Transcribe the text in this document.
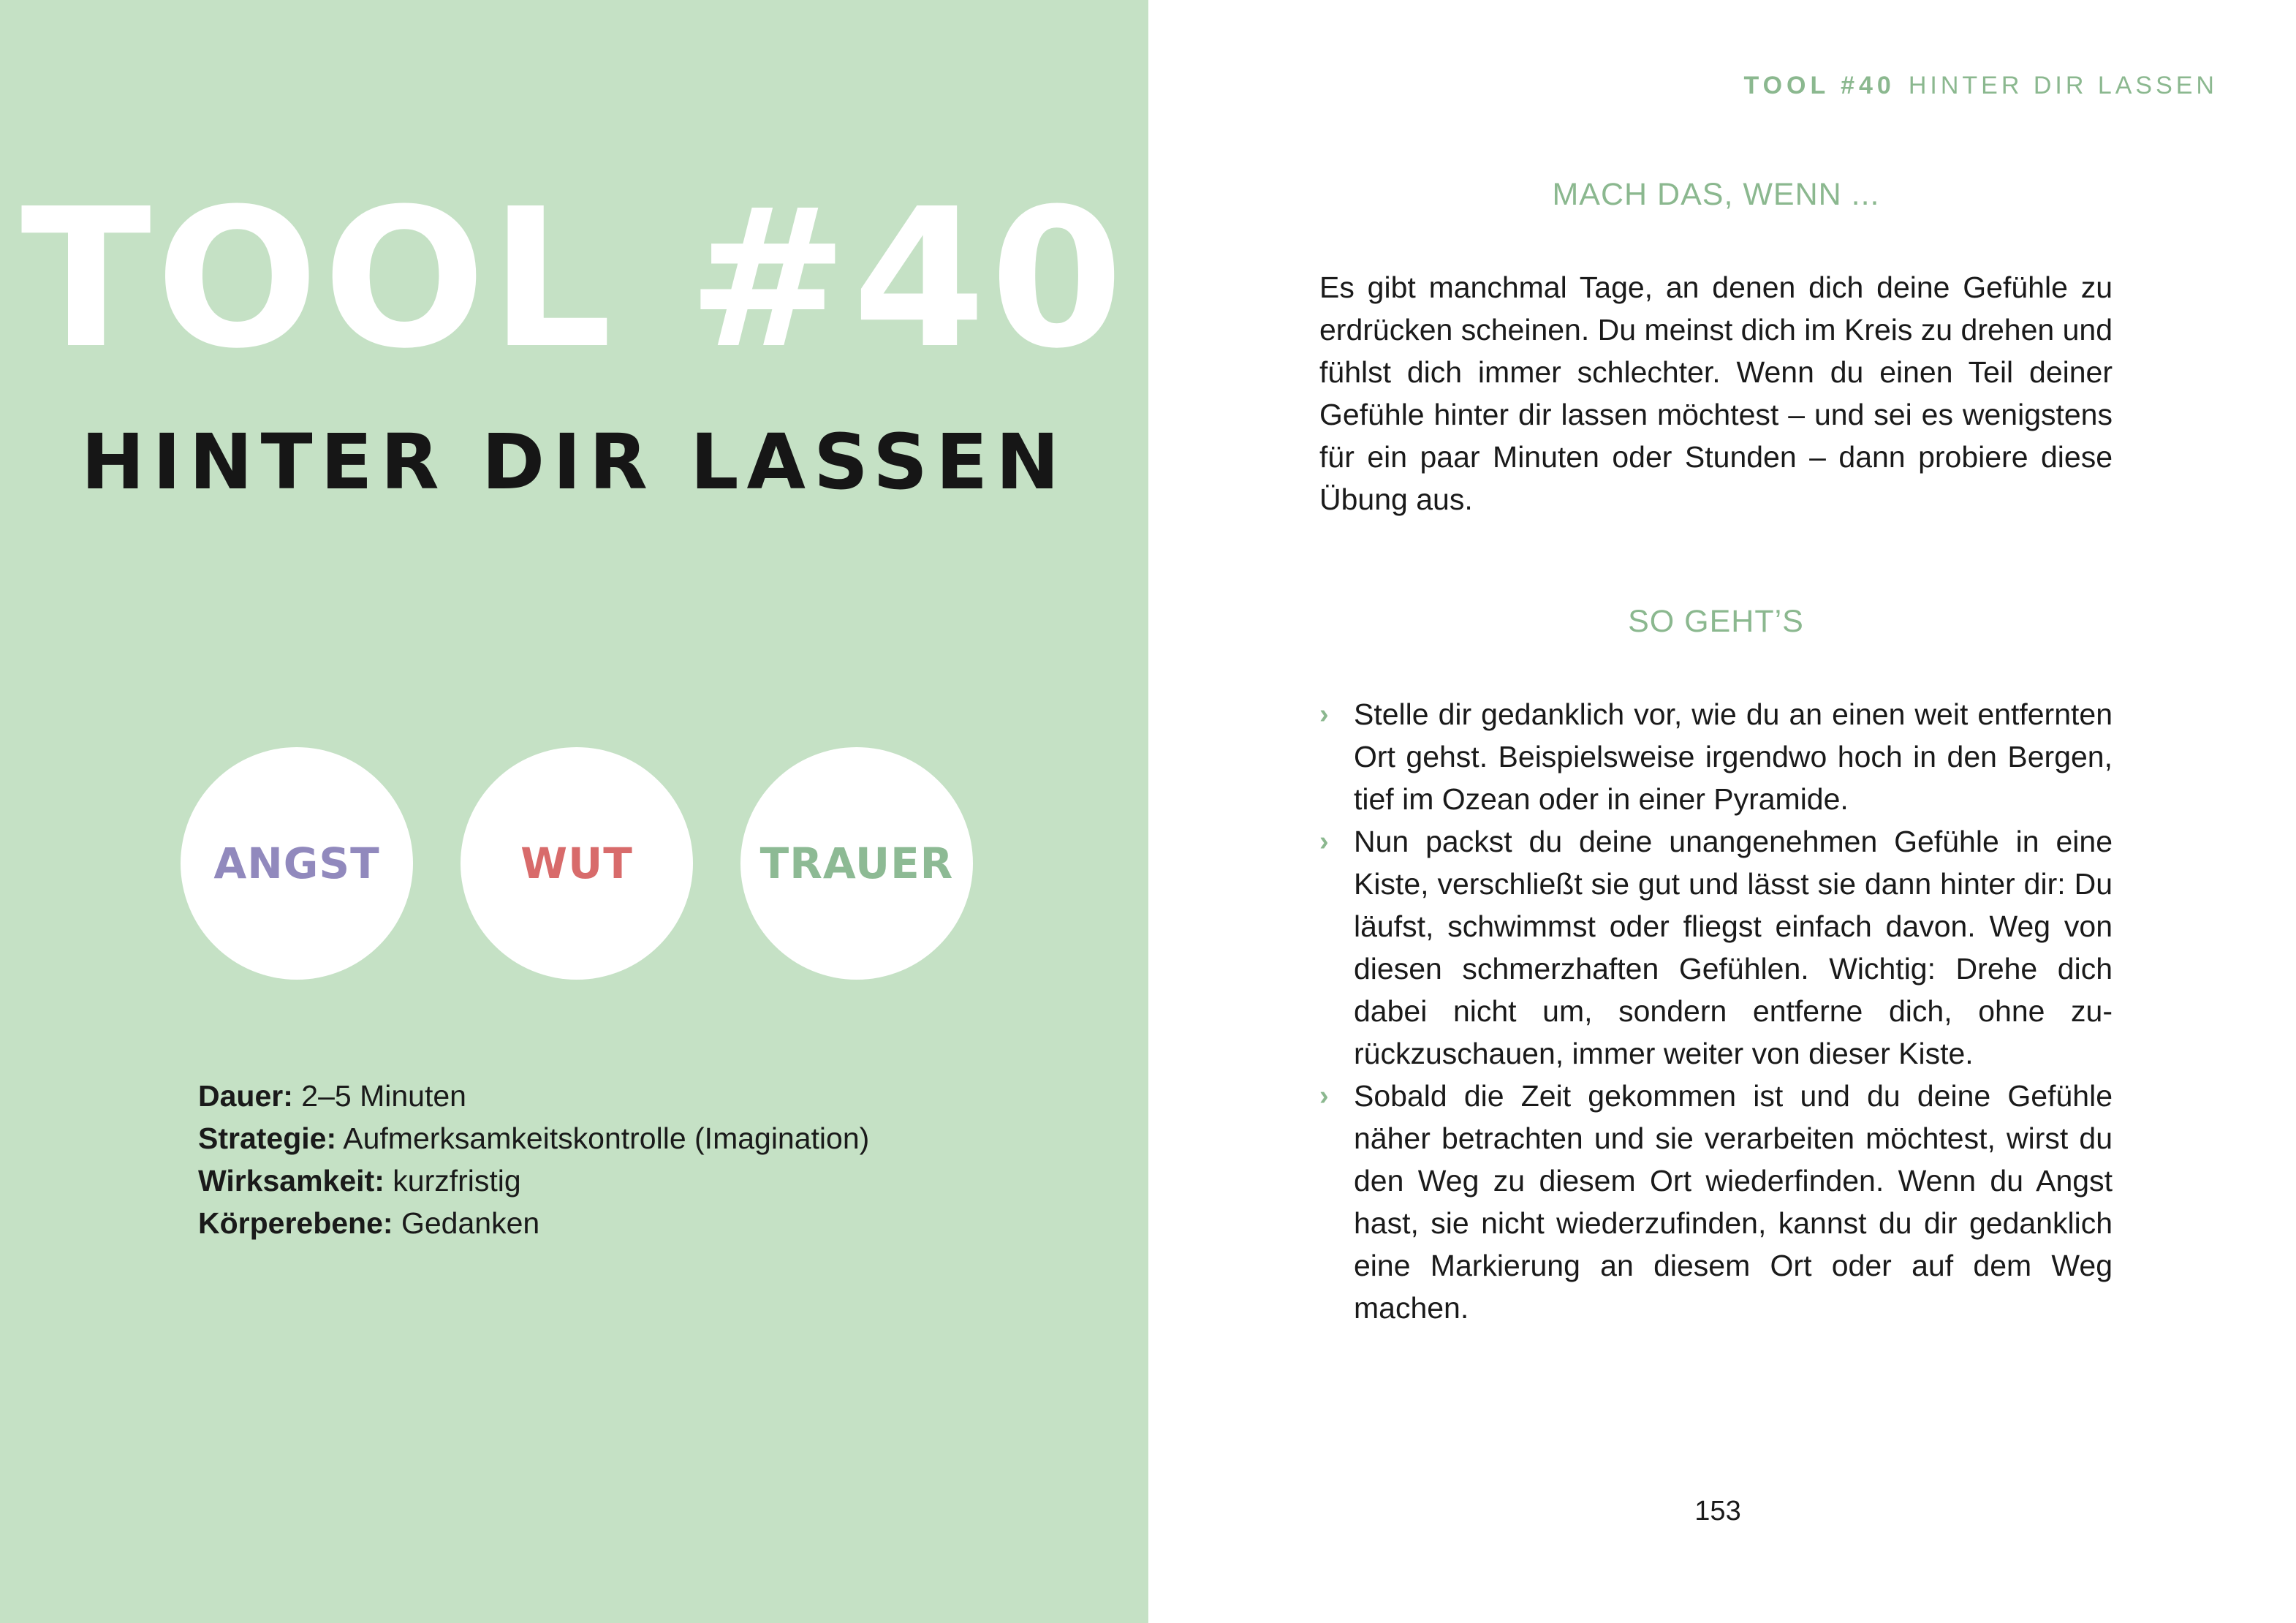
TOOL #40
HINTER DIR LASSEN
ANGST	WUT	TRAUER
Dauer: 2–5 Minuten
Strategie: Aufmerksamkeitskontrolle (Imagination)
Wirksamkeit: kurzfristig
Körperebene: Gedanken
TOOL #40 HINTER DIR LASSEN
MACH DAS, WENN ...
Es gibt manchmal Tage, an denen dich deine Gefühle zu erdrücken scheinen. Du meinst dich im Kreis zu drehen und fühlst dich immer schlechter. Wenn du einen Teil deiner Gefühle hinter dir lassen möchtest – und sei es wenigstens für ein paar Minuten oder Stunden – dann probiere diese Übung aus.
SO GEHT’S
› Stelle dir gedanklich vor, wie du an einen weit entfernten Ort gehst. Beispielsweise irgendwo hoch in den Bergen, tief im Ozean oder in einer Pyramide.
› Nun packst du deine unangenehmen Gefühle in eine Kiste, verschließt sie gut und lässt sie dann hinter dir: Du läufst, schwimmst oder fliegst einfach davon. Weg von diesen schmerzhaften Gefühlen. Wichtig: Drehe dich dabei nicht um, sondern entferne dich, ohne zurückzuschauen, immer weiter von dieser Kiste.
› Sobald die Zeit gekommen ist und du deine Gefühle näher betrachten und sie verarbeiten möchtest, wirst du den Weg zu diesem Ort wiederfinden. Wenn du Angst hast, sie nicht wiederzufinden, kannst du dir gedanklich eine Markierung an diesem Ort oder auf dem Weg machen.
153
